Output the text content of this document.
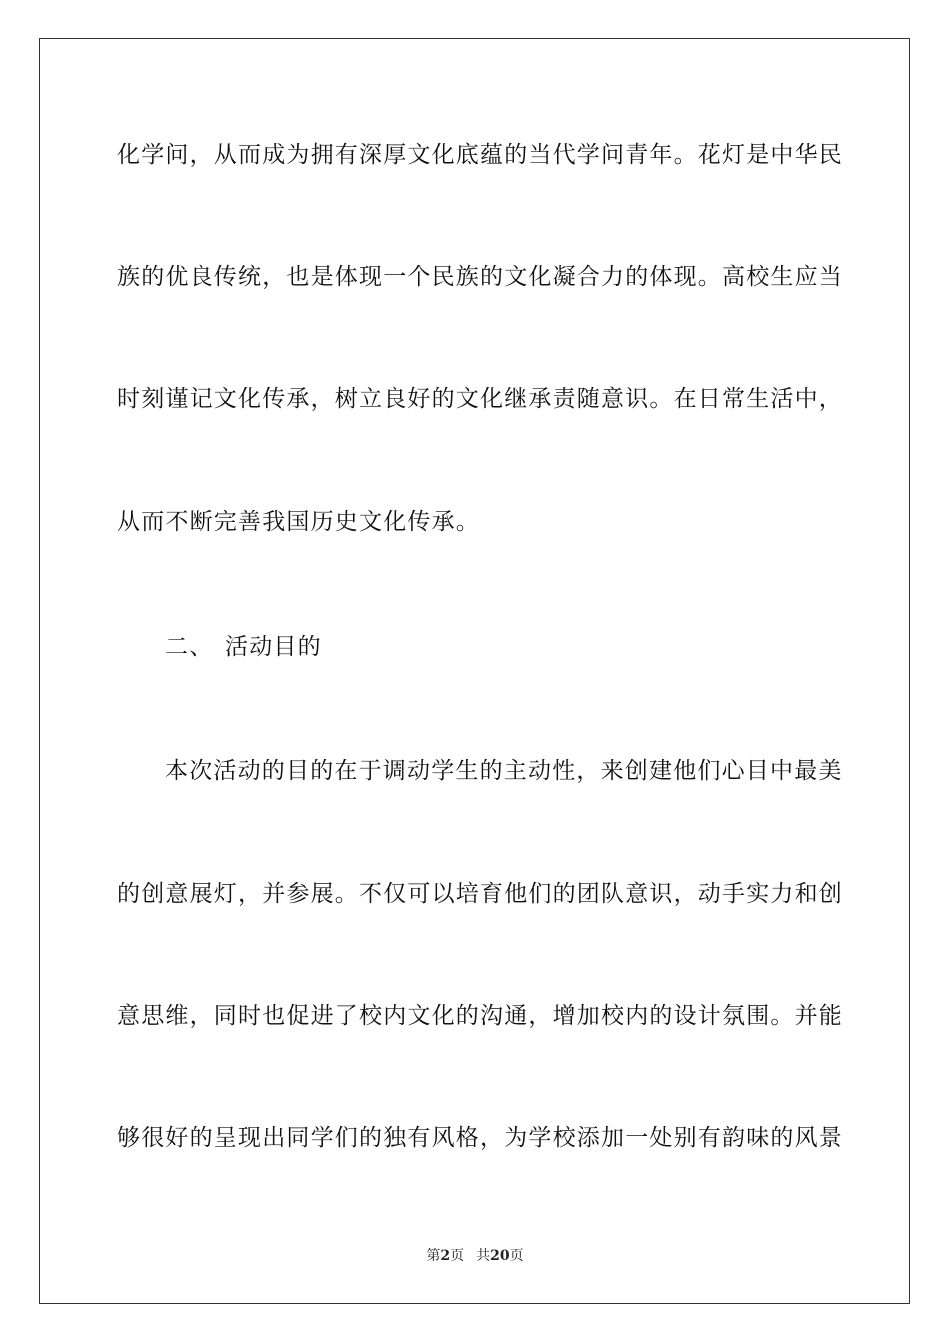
化学问，从而成为拥有深厚文化底蕴的当代学问青年。花灯是中华民
族的优良传统，也是体现一个民族的文化凝合力的体现。高校生应当
时刻谨记文化传承，树立良好的文化继承责随意识。在日常生活中，
从而不断完善我国历史文化传承。
二、 活动目的
本次活动的目的在于调动学生的主动性，来创建他们心目中最美
的创意展灯，并参展。不仅可以培育他们的团队意识，动手实力和创
意思维，同时也促进了校内文化的沟通，增加校内的设计氛围。并能
够很好的呈现出同学们的独有风格，为学校添加一处别有韵味的风景
第2页 共20页
